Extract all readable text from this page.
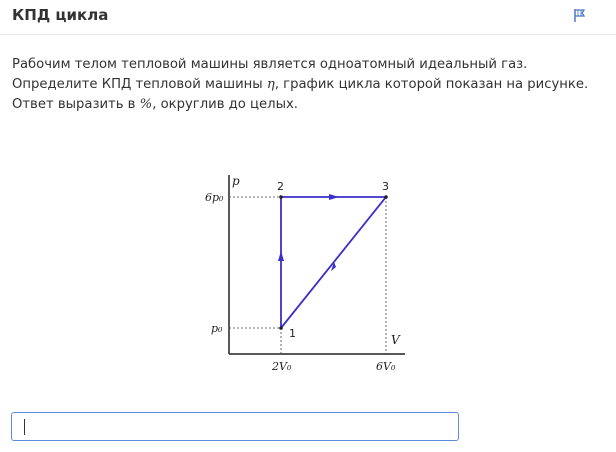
КПД цикла
Рабочим телом тепловой машины является одноатомный идеальный газ. Определите КПД тепловой машины η, график цикла которой показан на рисунке. Ответ выразить в %, округлив до целых.
p
V
6p₀
p₀
2V₀	6V₀
1
2	3
